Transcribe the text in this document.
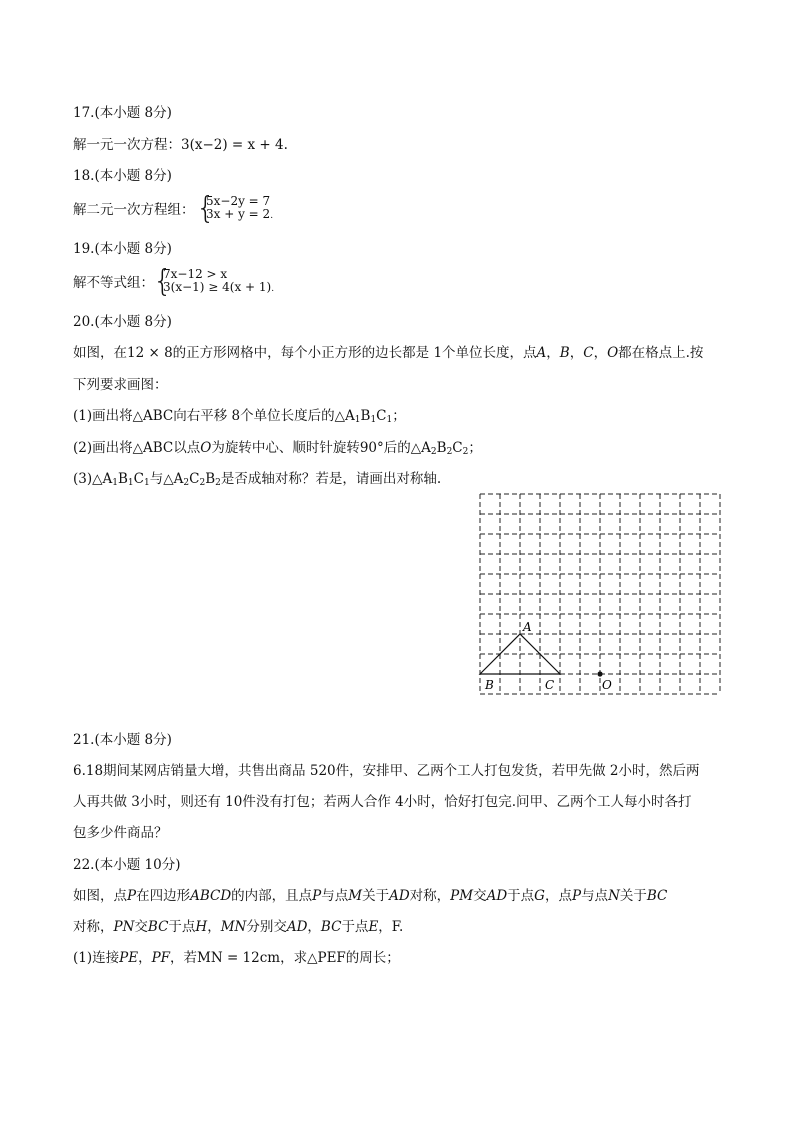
17.(本小题 8分)
解一元一次方程：3(x−2) = x + 4.
18.(本小题 8分)
解二元一次方程组： {
5x−2y = 7
3x + y = 2.
19.(本小题 8分)
解不等式组： {
7x−12 > x
3(x−1) ≥ 4(x + 1).
20.(本小题 8分)
如图，在12 × 8的正方形网格中，每个小正方形的边长都是 1个单位长度，点A，B，C，O都在格点上.按
下列要求画图：
(1)画出将△ABC向右平移 8个单位长度后的$\triangle A_1B_1C_1$；
(2)画出将△ABC以点O为旋转中心、顺时针旋转90°后的$\triangle A_2B_2C_2$；
$(3)\triangle A_1B_1C_1$与$\triangle A_2C_2B_2$是否成轴对称？若是，请画出对称轴.
A
B	C	O
21.(本小题 8分)
6.18期间某网店销量大增，共售出商品 520件，安排甲、乙两个工人打包发货，若甲先做 2小时，然后两
人再共做 3小时，则还有 10件没有打包；若两人合作 4小时，恰好打包完.问甲、乙两个工人每小时各打
包多少件商品？
22.(本小题 10分)
如图，点P在四边形ABCD的内部，且点P与点M关于AD对称，PM交AD于点G，点P与点N关于BC
对称，PN交BC于点H，MN分别交AD，BC于点E，F.
(1)连接PE，PF，若MN = 12cm，求△PEF的周长；
